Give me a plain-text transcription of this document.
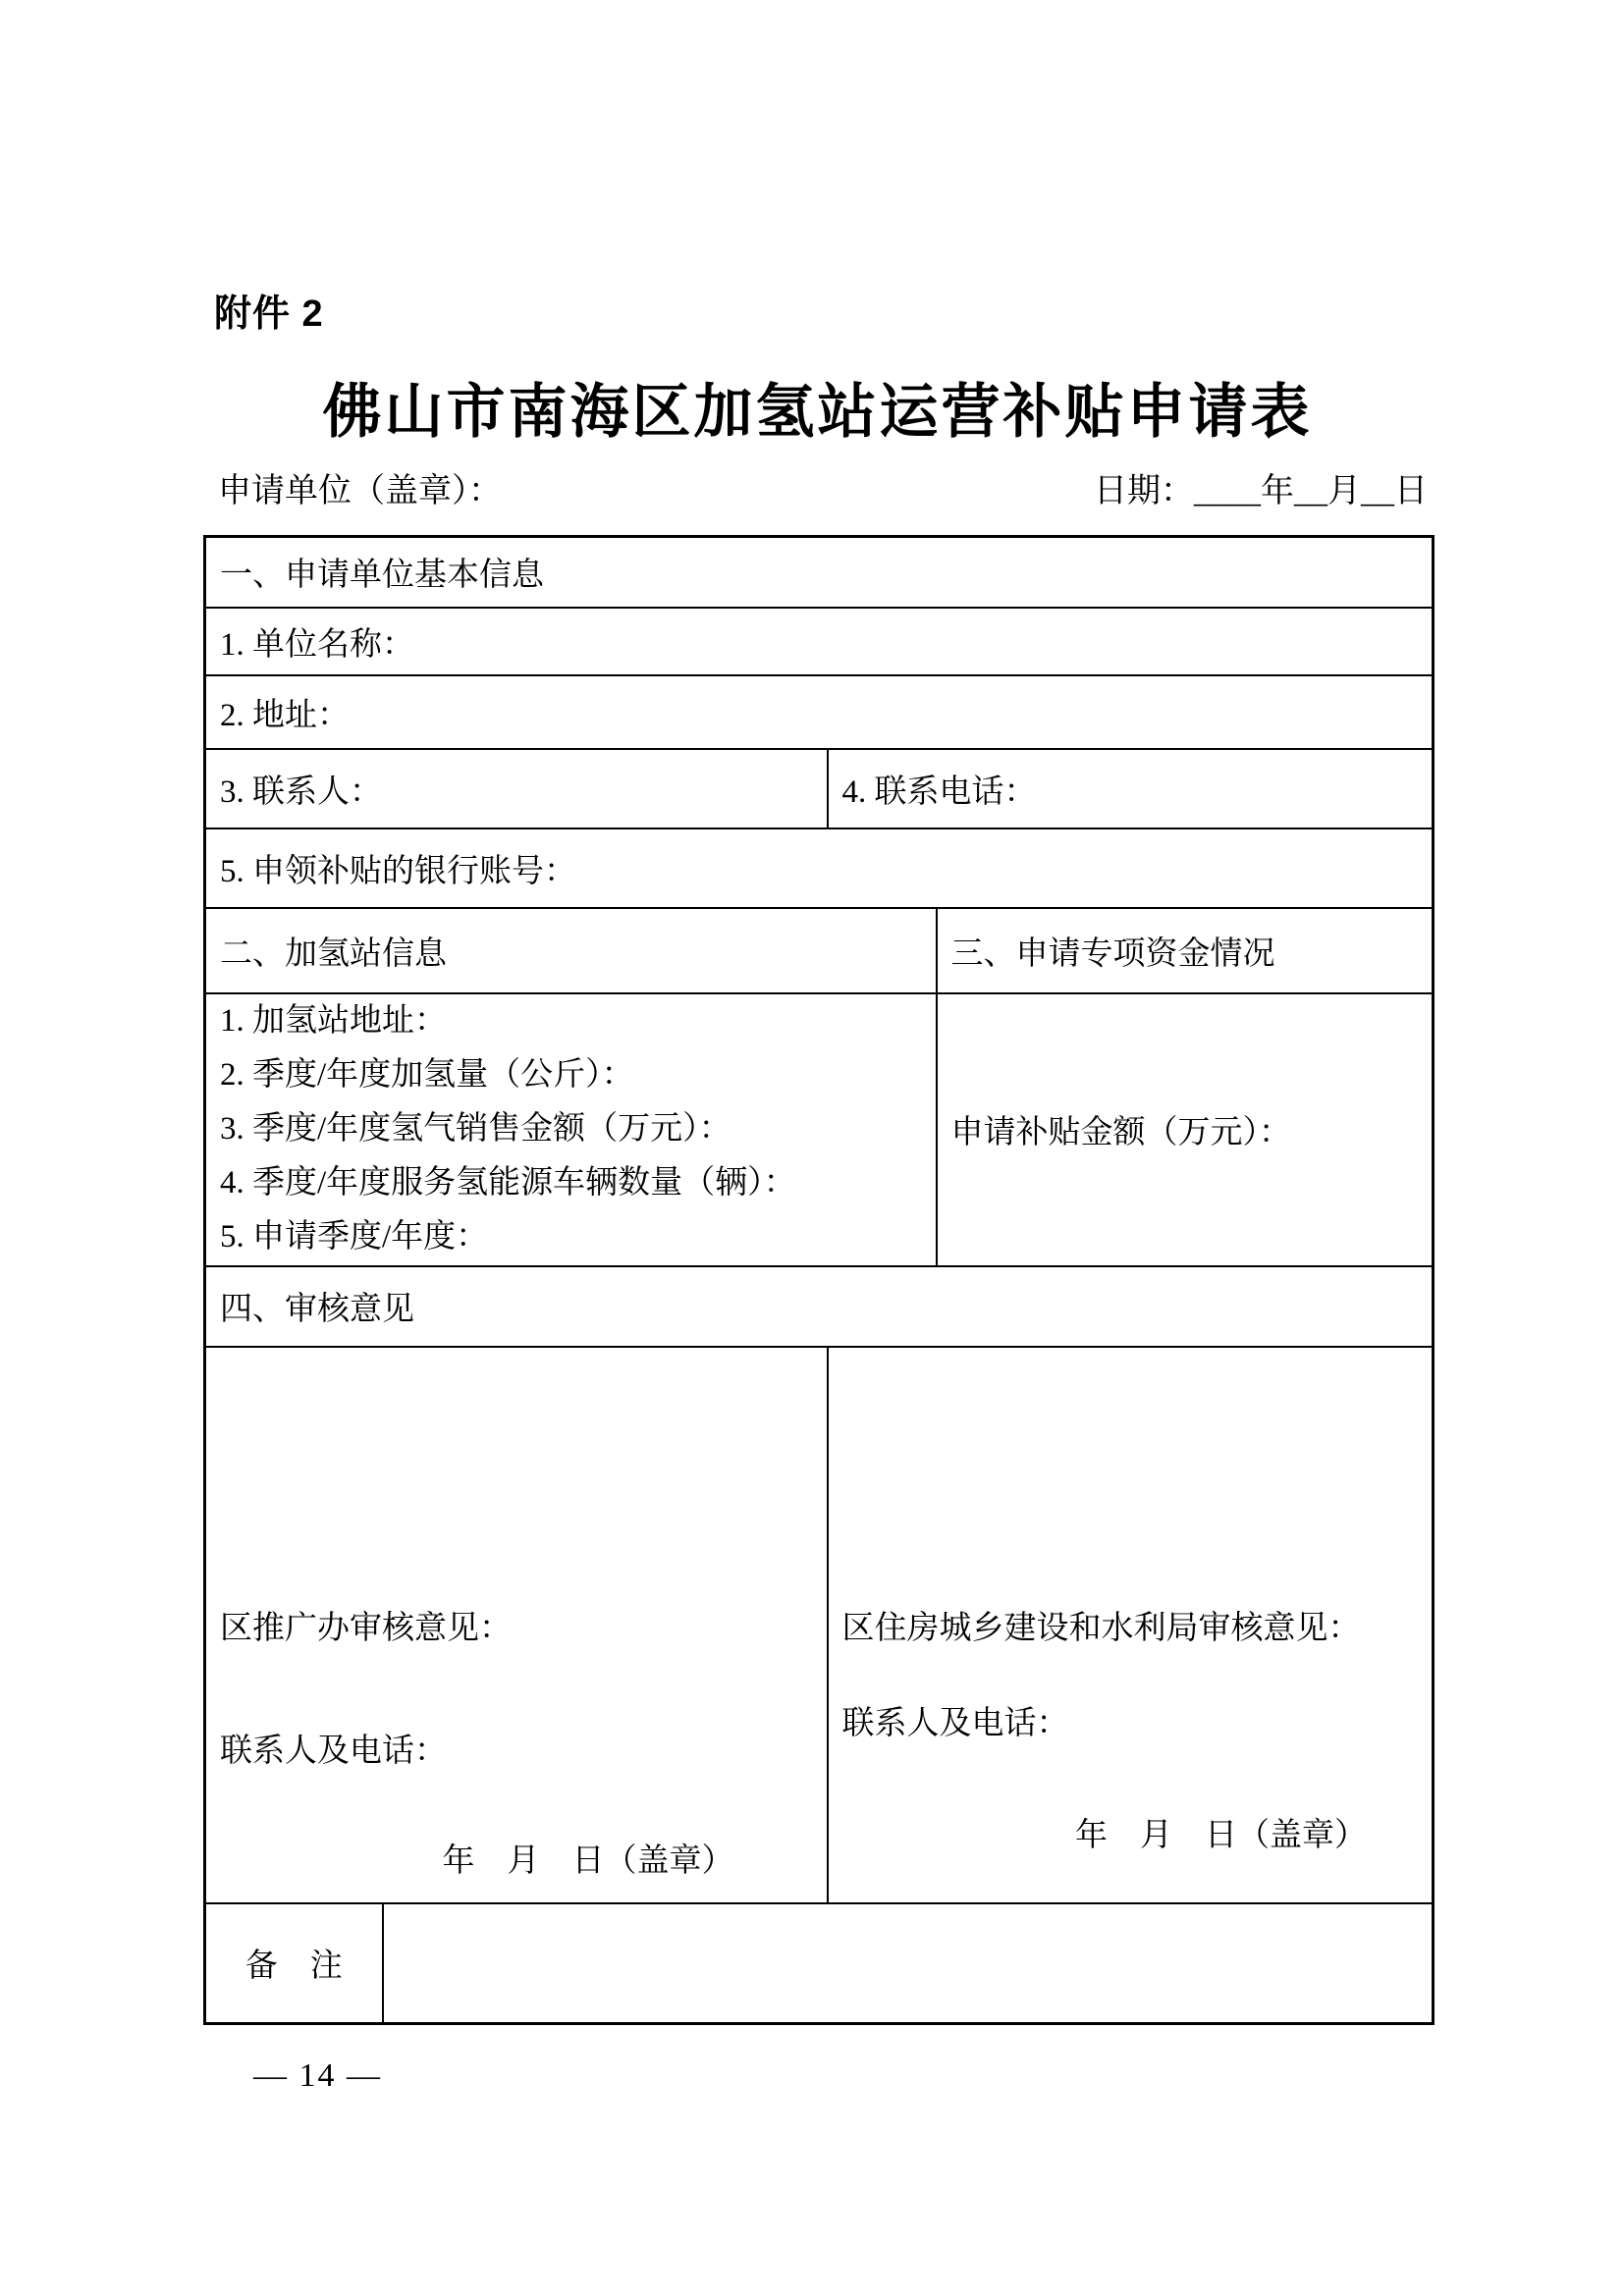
附件 2
佛山市南海区加氢站运营补贴申请表
申请单位（盖章）：	日期：____年__月__日
一、申请单位基本信息			
1. 单位名称：			
2. 地址：			
3. 联系人：		4. 联系电话：	
5. 申领补贴的银行账号：			
二、加氢站信息			三、申请专项资金情况

1. 加氢站地址：
2. 季度/年度加氢量（公斤）：
3. 季度/年度氢气销售金额（万元）：
4. 季度/年度服务氢能源车辆数量（辆）：
5. 申请季度/年度：			申请补贴金额（万元）：
四、审核意见			

区推广办审核意见：
联系人及电话：
年　月　日（盖章）

区住房城乡建设和水利局审核意见：
联系人及电话：
年　月　日（盖章）

备　注			
— 14 —
